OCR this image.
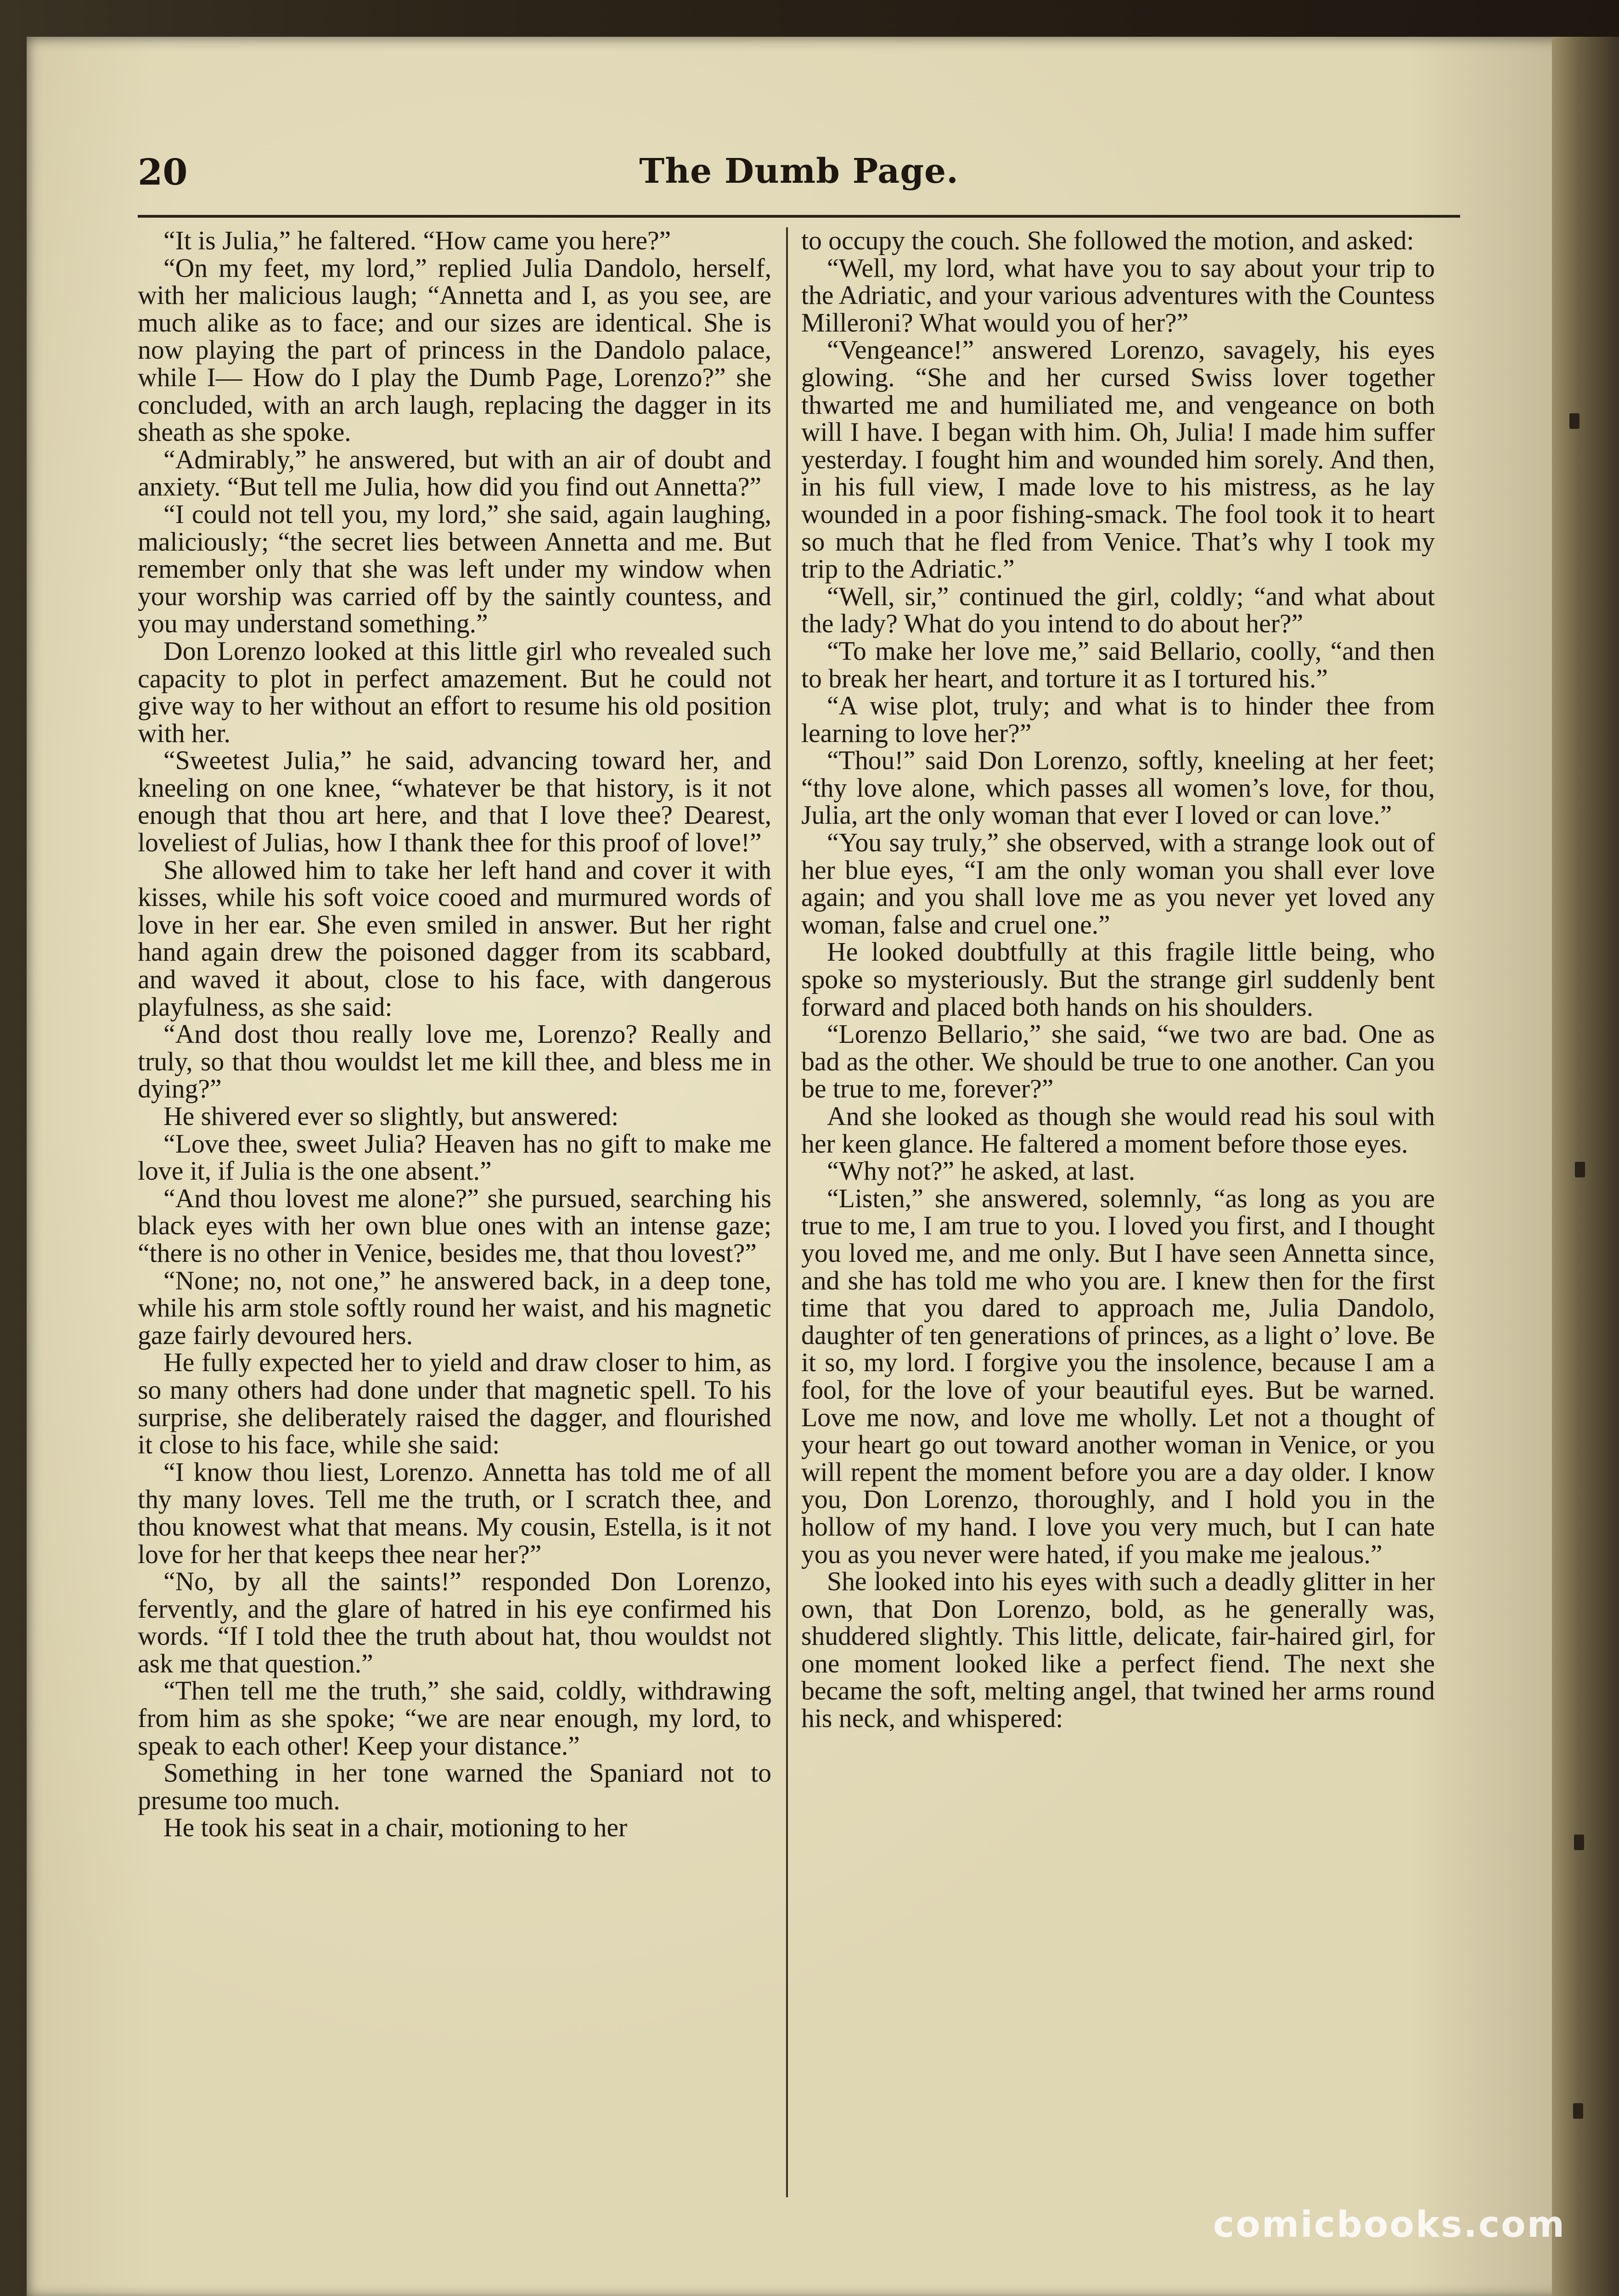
20	The Dumb Page.

“It is Julia,” he faltered. “How came you here?”

“On my feet, my lord,” replied Julia Dandolo, herself, with her malicious laugh; “Annetta and I, as you see, are much alike as to face; and our sizes are identical. She is now playing the part of princess in the Dandolo palace, while I— How do I play the Dumb Page, Lorenzo?” she concluded, with an arch laugh, replacing the dagger in its sheath as she spoke.

“Admirably,” he answered, but with an air of doubt and anxiety. “But tell me Julia, how did you find out Annetta?”

“I could not tell you, my lord,” she said, again laughing, maliciously; “the secret lies between Annetta and me. But remember only that she was left under my window when your worship was carried off by the saintly countess, and you may understand something.”

Don Lorenzo looked at this little girl who revealed such capacity to plot in perfect amazement. But he could not give way to her without an effort to resume his old position with her.

“Sweetest Julia,” he said, advancing toward her, and kneeling on one knee, “whatever be that history, is it not enough that thou art here, and that I love thee? Dearest, loveliest of Julias, how I thank thee for this proof of love!”

She allowed him to take her left hand and cover it with kisses, while his soft voice cooed and murmured words of love in her ear. She even smiled in answer. But her right hand again drew the poisoned dagger from its scabbard, and waved it about, close to his face, with dangerous playfulness, as she said:

“And dost thou really love me, Lorenzo? Really and truly, so that thou wouldst let me kill thee, and bless me in dying?”

He shivered ever so slightly, but answered:

“Love thee, sweet Julia? Heaven has no gift to make me love it, if Julia is the one absent.”

“And thou lovest me alone?” she pursued, searching his black eyes with her own blue ones with an intense gaze; “there is no other in Venice, besides me, that thou lovest?”

“None; no, not one,” he answered back, in a deep tone, while his arm stole softly round her waist, and his magnetic gaze fairly devoured hers.

He fully expected her to yield and draw closer to him, as so many others had done under that magnetic spell. To his surprise, she deliberately raised the dagger, and flourished it close to his face, while she said:

“I know thou liest, Lorenzo. Annetta has told me of all thy many loves. Tell me the truth, or I scratch thee, and thou knowest what that means. My cousin, Estella, is it not love for her that keeps thee near her?”

“No, by all the saints!” responded Don Lorenzo, fervently, and the glare of hatred in his eye confirmed his words. “If I told thee the truth about hat, thou wouldst not ask me that question.”

“Then tell me the truth,” she said, coldly, withdrawing from him as she spoke; “we are near enough, my lord, to speak to each other! Keep your distance.”

Something in her tone warned the Spaniard not to presume too much.

He took his seat in a chair, motioning to her

to occupy the couch. She followed the motion, and asked:

“Well, my lord, what have you to say about your trip to the Adriatic, and your various adventures with the Countess Milleroni? What would you of her?”

“Vengeance!” answered Lorenzo, savagely, his eyes glowing. “She and her cursed Swiss lover together thwarted me and humiliated me, and vengeance on both will I have. I began with him. Oh, Julia! I made him suffer yesterday. I fought him and wounded him sorely. And then, in his full view, I made love to his mistress, as he lay wounded in a poor fishing-smack. The fool took it to heart so much that he fled from Venice. That’s why I took my trip to the Adriatic.”

“Well, sir,” continued the girl, coldly; “and what about the lady? What do you intend to do about her?”

“To make her love me,” said Bellario, coolly, “and then to break her heart, and torture it as I tortured his.”

“A wise plot, truly; and what is to hinder thee from learning to love her?”

“Thou!” said Don Lorenzo, softly, kneeling at her feet; “thy love alone, which passes all women’s love, for thou, Julia, art the only woman that ever I loved or can love.”

“You say truly,” she observed, with a strange look out of her blue eyes, “I am the only woman you shall ever love again; and you shall love me as you never yet loved any woman, false and cruel one.”

He looked doubtfully at this fragile little being, who spoke so mysteriously. But the strange girl suddenly bent forward and placed both hands on his shoulders.

“Lorenzo Bellario,” she said, “we two are bad. One as bad as the other. We should be true to one another. Can you be true to me, forever?”

And she looked as though she would read his soul with her keen glance. He faltered a moment before those eyes.

“Why not?” he asked, at last.

“Listen,” she answered, solemnly, “as long as you are true to me, I am true to you. I loved you first, and I thought you loved me, and me only. But I have seen Annetta since, and she has told me who you are. I knew then for the first time that you dared to approach me, Julia Dandolo, daughter of ten generations of princes, as a light o’ love. Be it so, my lord. I forgive you the insolence, because I am a fool, for the love of your beautiful eyes. But be warned. Love me now, and love me wholly. Let not a thought of your heart go out toward another woman in Venice, or you will repent the moment before you are a day older. I know you, Don Lorenzo, thoroughly, and I hold you in the hollow of my hand. I love you very much, but I can hate you as you never were hated, if you make me jealous.”

She looked into his eyes with such a deadly glitter in her own, that Don Lorenzo, bold, as he generally was, shuddered slightly. This little, delicate, fair-haired girl, for one moment looked like a perfect fiend. The next she became the soft, melting angel, that twined her arms round his neck, and whispered:

comicbooks.com
